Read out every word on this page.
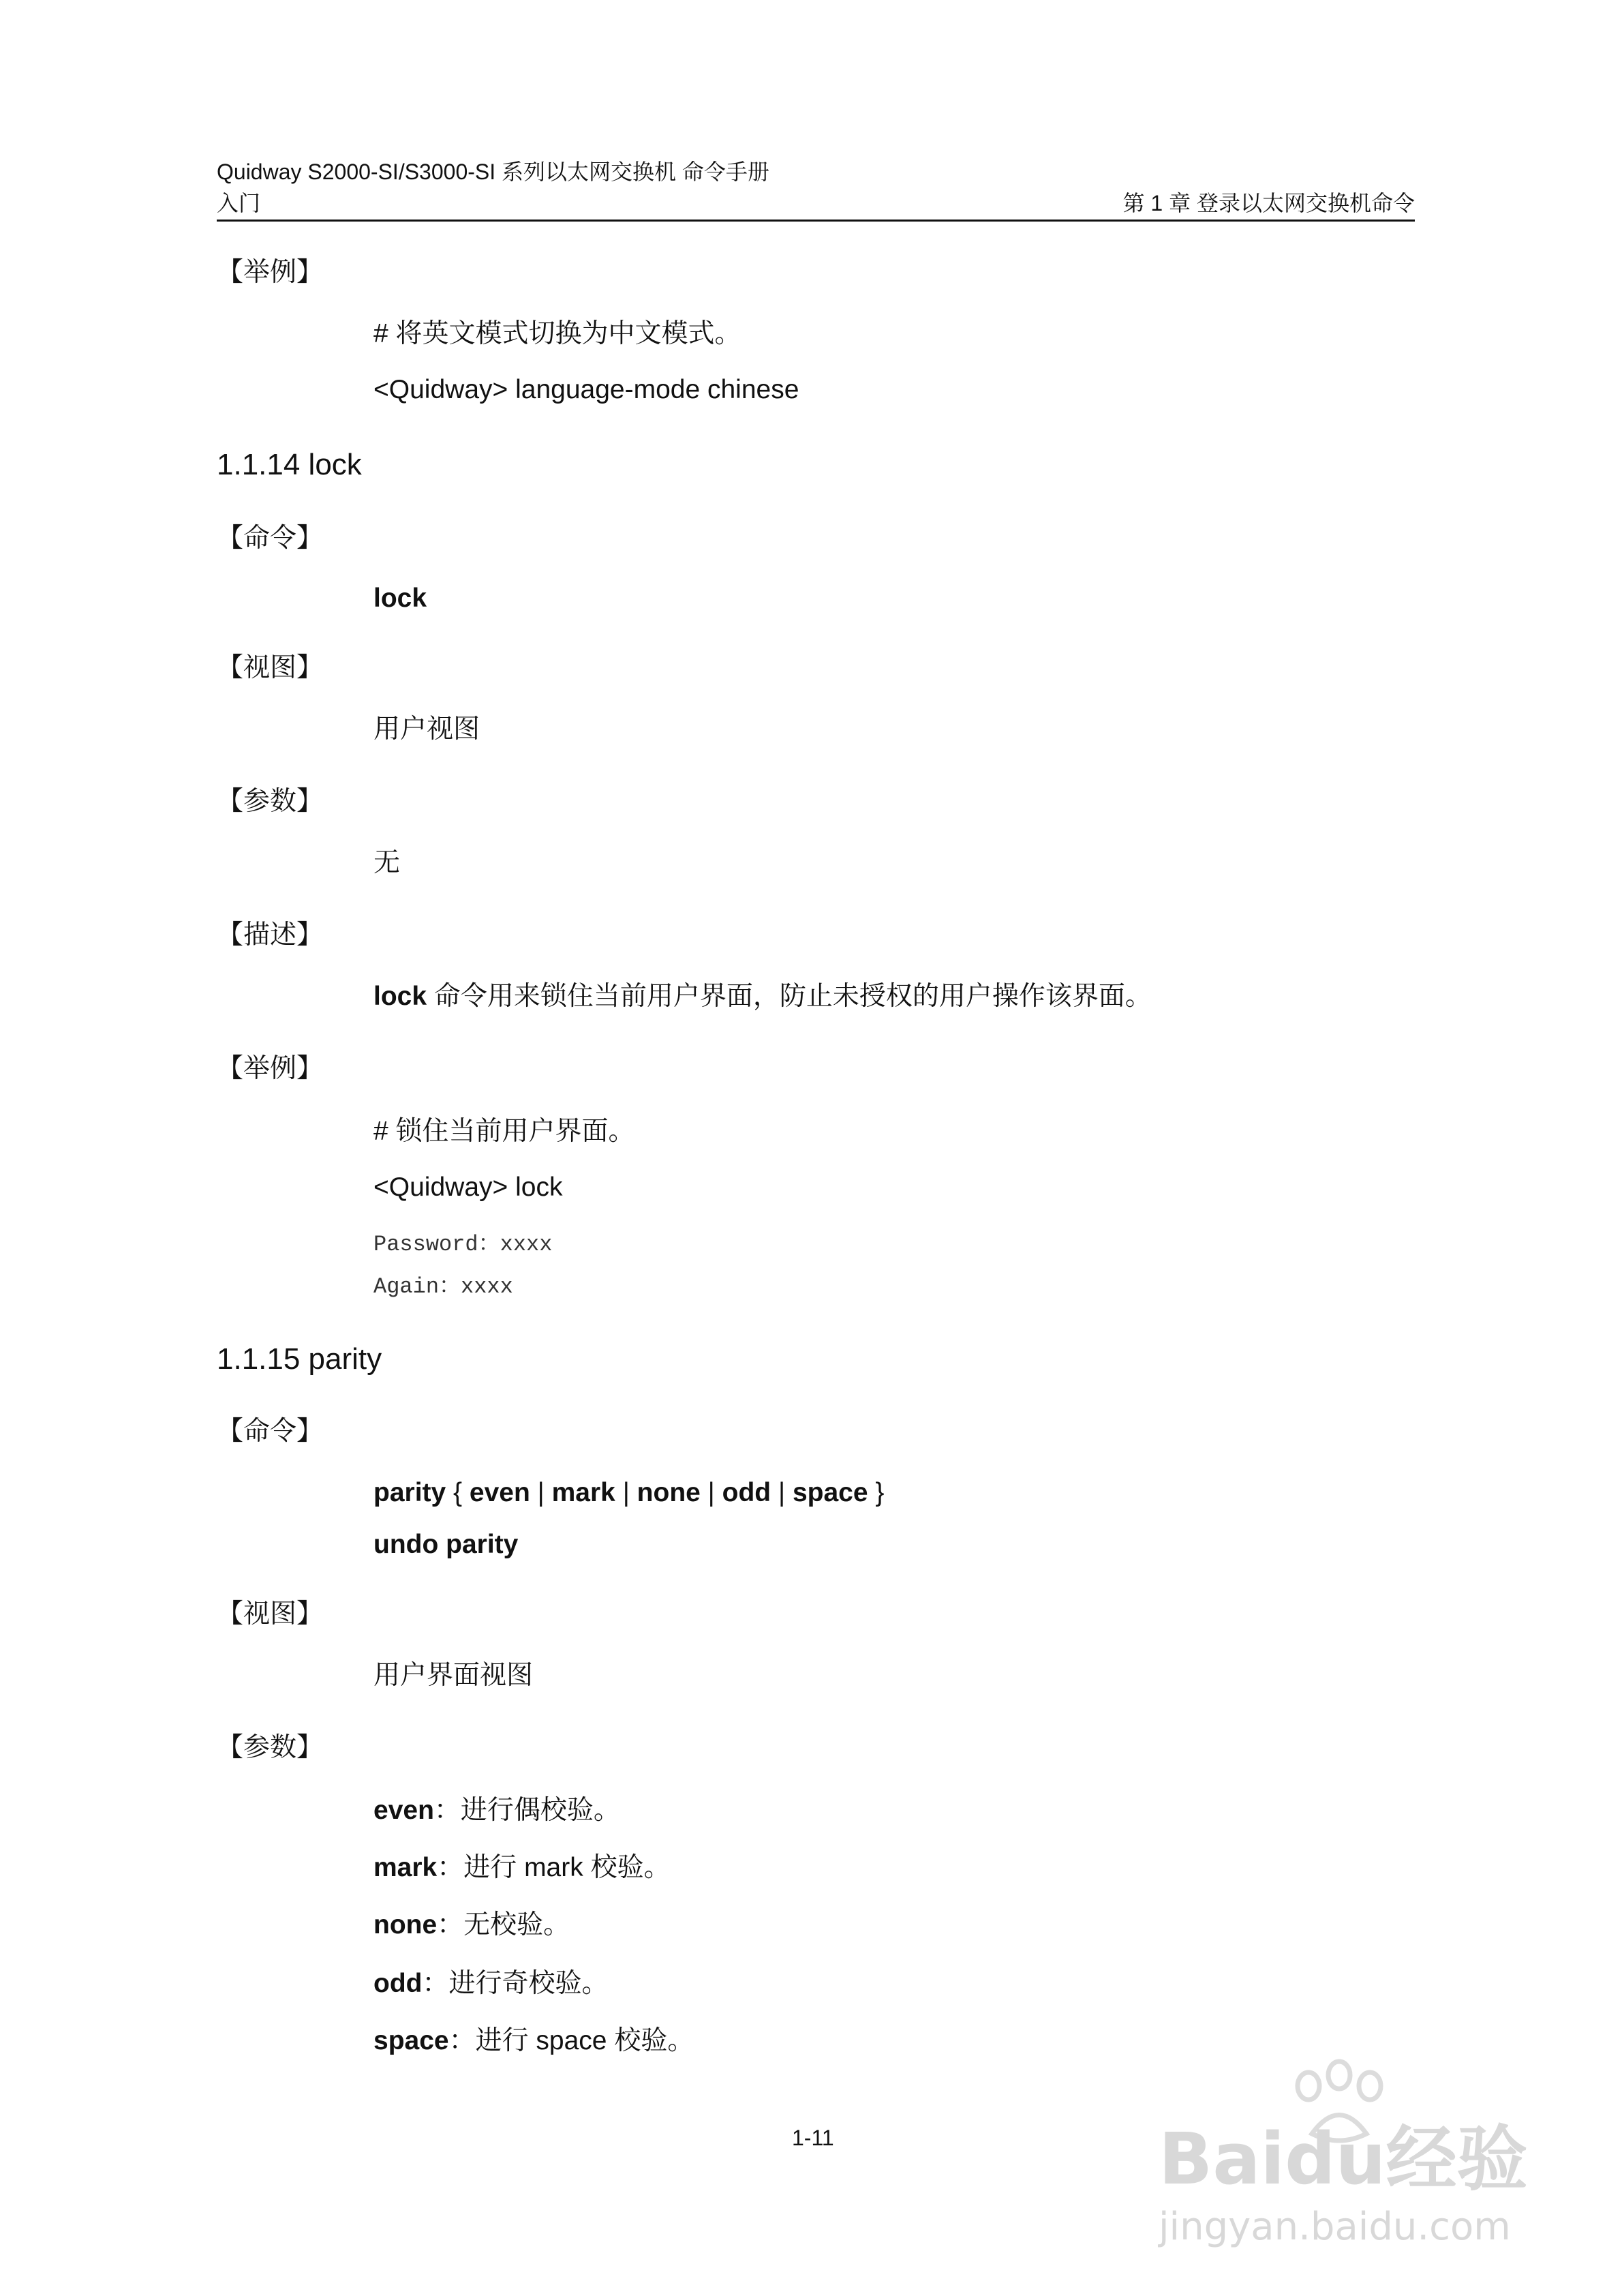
Quidway S2000-SI/S3000-SI 系列以太网交换机 命令手册
入门	第 1 章 登录以太网交换机命令
【举例】
# 将英文模式切换为中文模式。
<Quidway> language-mode chinese
1.1.14 lock
【命令】
lock
【视图】
用户视图
【参数】
无
【描述】
lock 命令用来锁住当前用户界面，防止未授权的用户操作该界面。
【举例】
# 锁住当前用户界面。
<Quidway> lock
Password：xxxx
Again：xxxx
1.1.15 parity
【命令】
parity { even | mark | none | odd | space }
undo parity
【视图】
用户界面视图
【参数】
even：进行偶校验。
mark：进行 mark 校验。
none：无校验。
odd：进行奇校验。
space：进行 space 校验。
1-11	Baidu经验
jingyan.baidu.com
